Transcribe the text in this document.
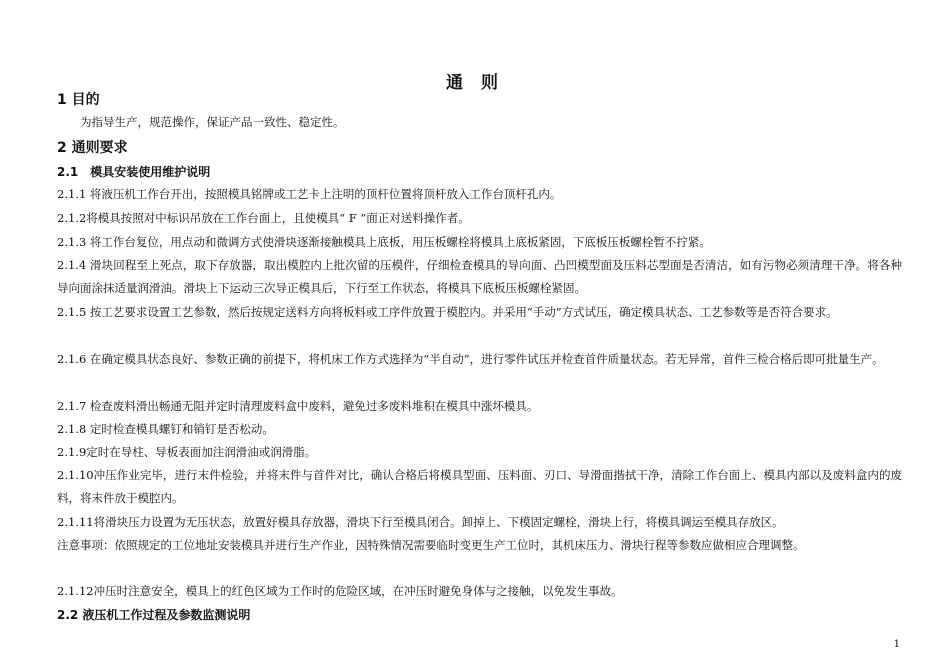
通 则
1 目的
为指导生产，规范操作，保证产品一致性、稳定性。
2 通则要求
2.1　模具安装使用维护说明
2.1.1 将液压机工作台开出，按照模具铭牌或工艺卡上注明的顶杆位置将顶杆放入工作台顶杆孔内。
2.1.2将模具按照对中标识吊放在工作台面上，且使模具“ F ”面正对送料操作者。
2.1.3 将工作台复位，用点动和微调方式使滑块逐渐接触模具上底板，用压板螺栓将模具上底板紧固，下底板压板螺栓暂不拧紧。
2.1.4 滑块回程至上死点，取下存放器，取出模腔内上批次留的压模件，仔细检查模具的导向面、凸凹模型面及压料芯型面是否清洁，如有污物必须清理干净。将各种导向面涂抹适量润滑油。滑块上下运动三次导正模具后，下行至工作状态，将模具下底板压板螺栓紧固。
2.1.5 按工艺要求设置工艺参数，然后按规定送料方向将板料或工序件放置于模腔内。并采用“手动”方式试压，确定模具状态、工艺参数等是否符合要求。
2.1.6 在确定模具状态良好、参数正确的前提下，将机床工作方式选择为“半自动”，进行零件试压并检查首件质量状态。若无异常，首件三检合格后即可批量生产。
2.1.7 检查废料滑出畅通无阻并定时清理废料盒中废料，避免过多废料堆积在模具中涨坏模具。
2.1.8 定时检查模具螺钉和销钉是否松动。
2.1.9定时在导柱、导板表面加注润滑油或润滑脂。
2.1.10冲压作业完毕，进行末件检验，并将末件与首件对比，确认合格后将模具型面、压料面、刃口、导滑面揩拭干净，清除工作台面上、模具内部以及废料盒内的废料，将末件放于模腔内。
2.1.11将滑块压力设置为无压状态，放置好模具存放器，滑块下行至模具闭合。卸掉上、下模固定螺栓，滑块上行，将模具调运至模具存放区。
注意事项：依照规定的工位地址安装模具并进行生产作业，因特殊情况需要临时变更生产工位时，其机床压力、滑块行程等参数应做相应合理调整。
2.1.12冲压时注意安全，模具上的红色区域为工作时的危险区域，在冲压时避免身体与之接触，以免发生事故。
2.2 液压机工作过程及参数监测说明
1
